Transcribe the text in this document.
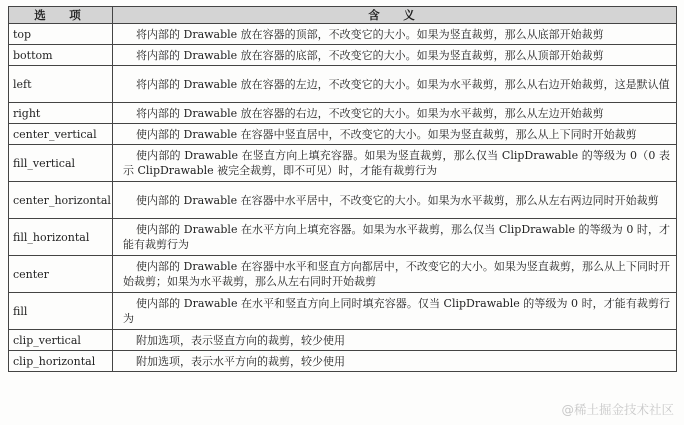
选　项	含　义
top	将内部的 Drawable 放在容器的顶部，不改变它的大小。如果为竖直裁剪，那么从底部开始裁剪
bottom	将内部的 Drawable 放在容器的底部，不改变它的大小。如果为竖直裁剪，那么从顶部开始裁剪
left	将内部的 Drawable 放在容器的左边，不改变它的大小。如果为水平裁剪，那么从右边开始裁剪，这是默认值
right	将内部的 Drawable 放在容器的右边，不改变它的大小。如果为水平裁剪，那么从左边开始裁剪
center_vertical	使内部的 Drawable 在容器中竖直居中，不改变它的大小。如果为竖直裁剪，那么从上下同时开始裁剪
fill_vertical	使内部的 Drawable 在竖直方向上填充容器。如果为竖直裁剪，那么仅当 ClipDrawable 的等级为 0（0 表示 ClipDrawable 被完全裁剪，即不可见）时，才能有裁剪行为
center_horizontal	使内部的 Drawable 在容器中水平居中，不改变它的大小。如果为水平裁剪，那么从左右两边同时开始裁剪
fill_horizontal	使内部的 Drawable 在水平方向上填充容器。如果为水平裁剪，那么仅当 ClipDrawable 的等级为 0 时，才能有裁剪行为
center	使内部的 Drawable 在容器中水平和竖直方向都居中，不改变它的大小。如果为竖直裁剪，那么从上下同时开始裁剪；如果为水平裁剪，那么从左右同时开始裁剪
fill	使内部的 Drawable 在水平和竖直方向上同时填充容器。仅当 ClipDrawable 的等级为 0 时，才能有裁剪行为
clip_vertical	附加选项，表示竖直方向的裁剪，较少使用
clip_horizontal	附加选项，表示水平方向的裁剪，较少使用
@稀土掘金技术社区
